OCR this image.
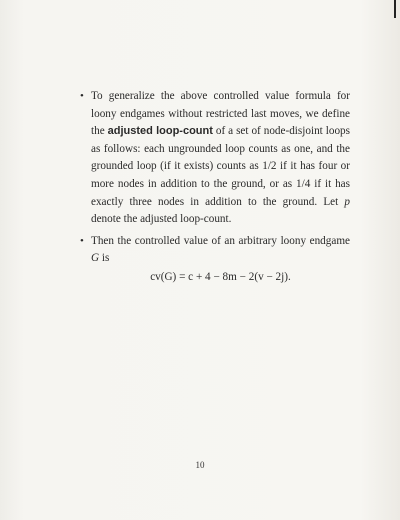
• To generalize the above controlled value formula for loony endgames without restricted last moves, we define the adjusted loop-count of a set of node-disjoint loops as follows: each ungrounded loop counts as one, and the grounded loop (if it exists) counts as 1/2 if it has four or more nodes in addition to the ground, or as 1/4 if it has exactly three nodes in addition to the ground. Let p denote the adjusted loop-count.
• Then the controlled value of an arbitrary loony endgame G is
cv(G) = c + 4 − 8m − 2(v − 2j).
10
